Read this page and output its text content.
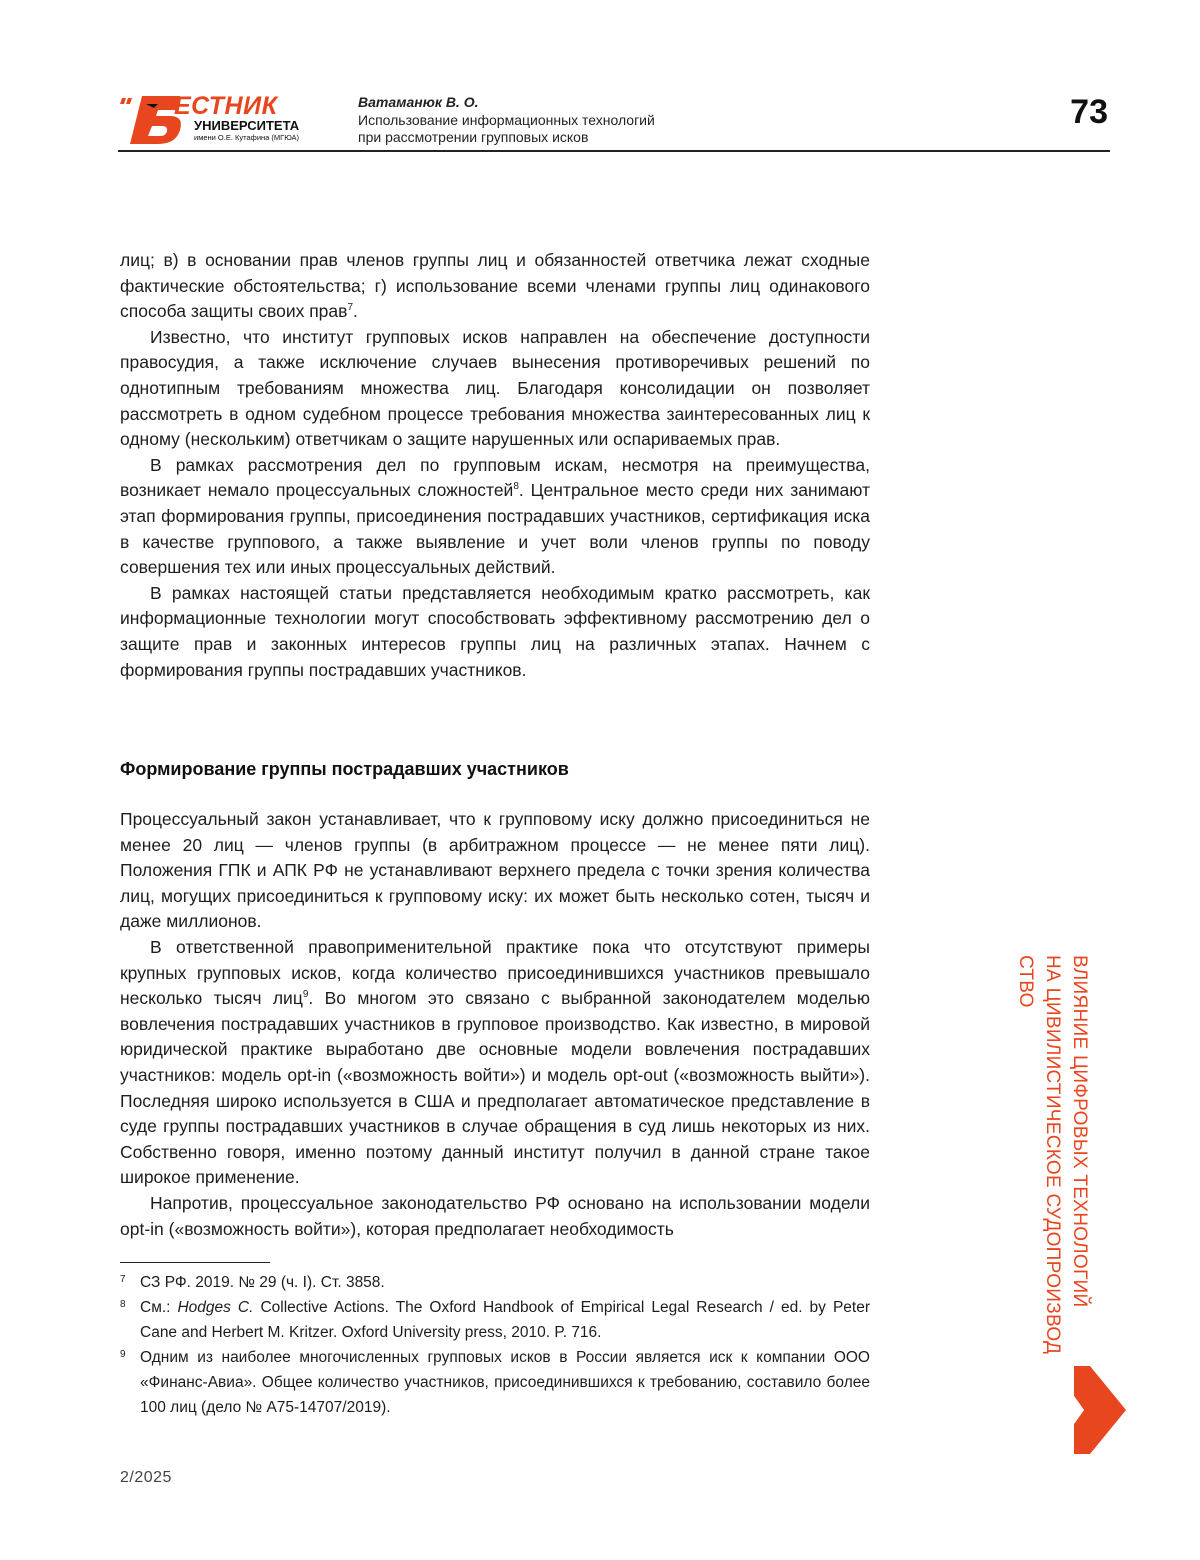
ЕСТНИК
УНИВЕРСИТЕТА
имени О.Е. Кутафина (МГЮА)
Ватаманюк В. О.
Использование информационных технологий
при рассмотрении групповых исков
73

лиц; в) в основании прав членов группы лиц и обязанностей ответчика лежат сходные фактические обстоятельства; г) использование всеми членами группы лиц одинакового способа защиты своих прав7.

Известно, что институт групповых исков направлен на обеспечение доступности правосудия, а также исключение случаев вынесения противоречивых решений по однотипным требованиям множества лиц. Благодаря консолидации он позволяет рассмотреть в одном судебном процессе требования множества заинтересованных лиц к одному (нескольким) ответчикам о защите нарушенных или оспариваемых прав.

В рамках рассмотрения дел по групповым искам, несмотря на преимущества, возникает немало процессуальных сложностей8. Центральное место среди них занимают этап формирования группы, присоединения пострадавших участников, сертификация иска в качестве группового, а также выявление и учет воли членов группы по поводу совершения тех или иных процессуальных действий.

В рамках настоящей статьи представляется необходимым кратко рассмотреть, как информационные технологии могут способствовать эффективному рассмотрению дел о защите прав и законных интересов группы лиц на различных этапах. Начнем с формирования группы пострадавших участников.

Формирование группы пострадавших участников

Процессуальный закон устанавливает, что к групповому иску должно присоединиться не менее 20 лиц — членов группы (в арбитражном процессе — не менее пяти лиц). Положения ГПК и АПК РФ не устанавливают верхнего предела с точки зрения количества лиц, могущих присоединиться к групповому иску: их может быть несколько сотен, тысяч и даже миллионов.

В ответственной правоприменительной практике пока что отсутствуют примеры крупных групповых исков, когда количество присоединившихся участников превышало несколько тысяч лиц9. Во многом это связано с выбранной законодателем моделью вовлечения пострадавших участников в групповое производство. Как известно, в мировой юридической практике выработано две основные модели вовлечения пострадавших участников: модель opt-in («возможность войти») и модель opt-out («возможность выйти»). Последняя широко используется в США и предполагает автоматическое представление в суде группы пострадавших участников в случае обращения в суд лишь некоторых из них. Собственно говоря, именно поэтому данный институт получил в данной стране такое широкое применение.

Напротив, процессуальное законодательство РФ основано на использовании модели opt-in («возможность войти»), которая предполагает необходимость

7 СЗ РФ. 2019. № 29 (ч. I). Ст. 3858.

8 См.: Hodges C. Collective Actions. The Oxford Handbook of Empirical Legal Research / ed. by Peter Cane and Herbert M. Kritzer. Oxford University press, 2010. P. 716.

9 Одним из наиболее многочисленных групповых исков в России является иск к компании ООО «Финанс-Авиа». Общее количество участников, присоединившихся к требованию, составило более 100 лиц (дело № А75-14707/2019).

2/2025
ВЛИЯНИЕ ЦИФРОВЫХ ТЕХНОЛОГИЙ
НА ЦИВИЛИСТИЧЕСКОЕ СУДОПРОИЗВОД
СТВО
